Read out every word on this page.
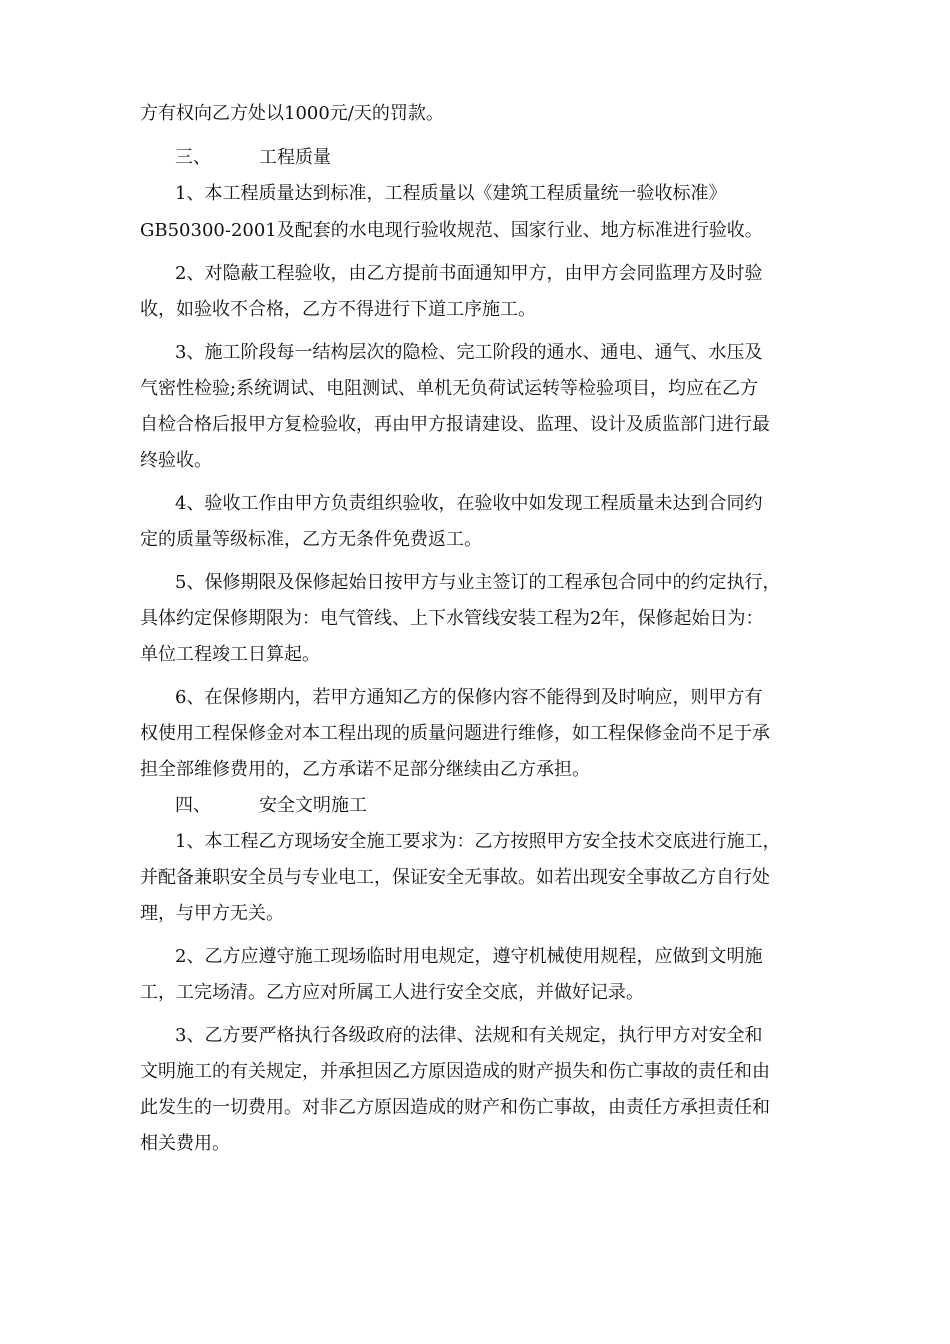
方有权向乙方处以1000元/天的罚款。
三、	工程质量
1、本工程质量达到标准，工程质量以《建筑工程质量统一验收标准》
GB50300-2001及配套的水电现行验收规范、国家行业、地方标准进行验收。
2、对隐蔽工程验收，由乙方提前书面通知甲方，由甲方会同监理方及时验
收，如验收不合格，乙方不得进行下道工序施工。
3、施工阶段每一结构层次的隐检、完工阶段的通水、通电、通气、水压及
气密性检验;系统调试、电阻测试、单机无负荷试运转等检验项目，均应在乙方
自检合格后报甲方复检验收，再由甲方报请建设、监理、设计及质监部门进行最
终验收。
4、验收工作由甲方负责组织验收，在验收中如发现工程质量未达到合同约
定的质量等级标准，乙方无条件免费返工。
5、保修期限及保修起始日按甲方与业主签订的工程承包合同中的约定执行，
具体约定保修期限为：电气管线、上下水管线安装工程为2年，保修起始日为：
单位工程竣工日算起。
6、在保修期内，若甲方通知乙方的保修内容不能得到及时响应，则甲方有
权使用工程保修金对本工程出现的质量问题进行维修，如工程保修金尚不足于承
担全部维修费用的，乙方承诺不足部分继续由乙方承担。
四、	安全文明施工
1、本工程乙方现场安全施工要求为：乙方按照甲方安全技术交底进行施工，
并配备兼职安全员与专业电工，保证安全无事故。如若出现安全事故乙方自行处
理，与甲方无关。
2、乙方应遵守施工现场临时用电规定，遵守机械使用规程，应做到文明施
工，工完场清。乙方应对所属工人进行安全交底，并做好记录。
3、乙方要严格执行各级政府的法律、法规和有关规定，执行甲方对安全和
文明施工的有关规定，并承担因乙方原因造成的财产损失和伤亡事故的责任和由
此发生的一切费用。对非乙方原因造成的财产和伤亡事故，由责任方承担责任和
相关费用。
